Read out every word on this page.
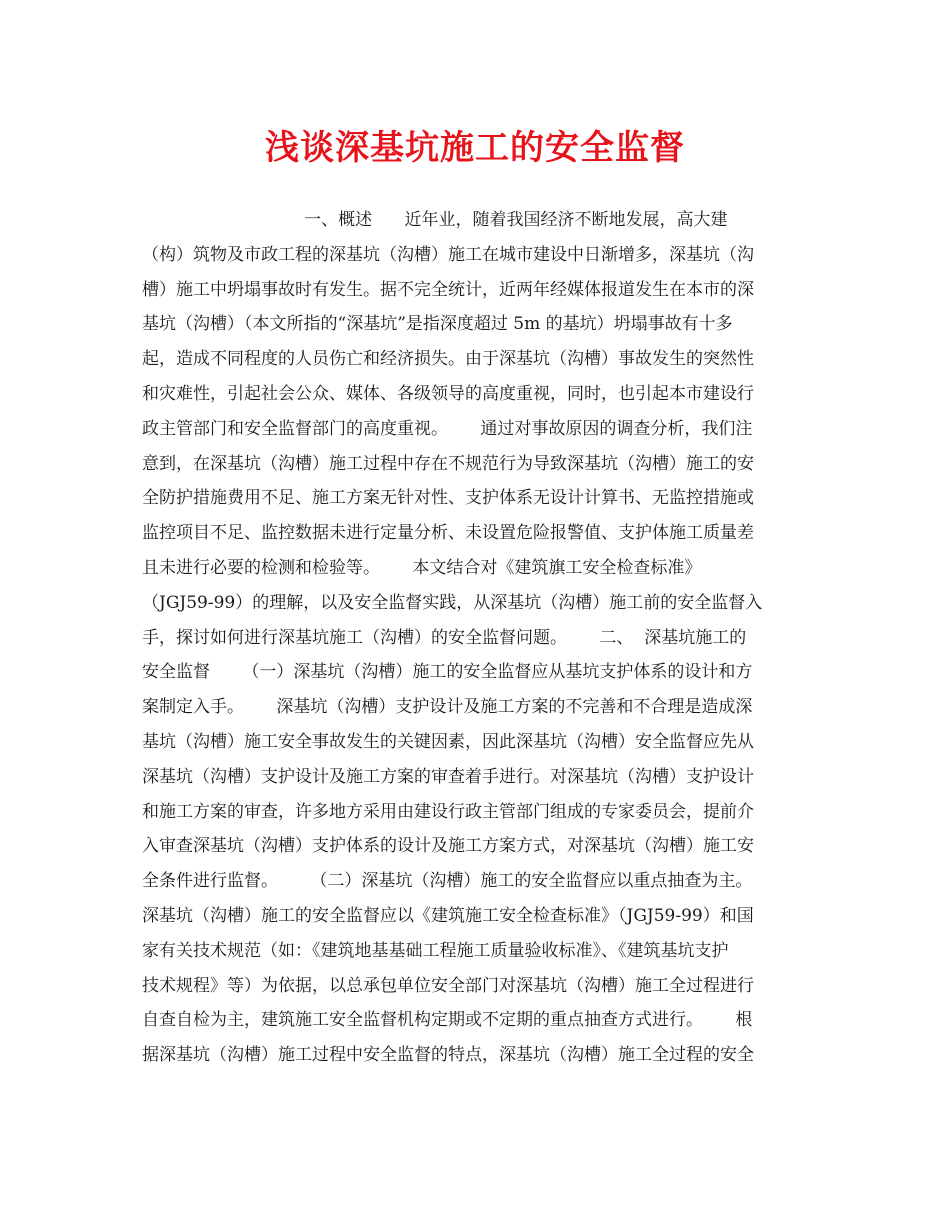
浅谈深基坑施工的安全监督
一、概述      近年业，随着我国经济不断地发展，高大建
（构）筑物及市政工程的深基坑（沟槽）施工在城市建设中日渐增多，深基坑（沟
槽）施工中坍塌事故时有发生。据不完全统计，近两年经媒体报道发生在本市的深
基坑（沟槽）（本文所指的“深基坑”是指深度超过 5m 的基坑）坍塌事故有十多
起，造成不同程度的人员伤亡和经济损失。由于深基坑（沟槽）事故发生的突然性
和灾难性，引起社会公众、媒体、各级领导的高度重视，同时，也引起本市建设行
政主管部门和安全监督部门的高度重视。      通过对事故原因的调查分析，我们注
意到，在深基坑（沟槽）施工过程中存在不规范行为导致深基坑（沟槽）施工的安
全防护措施费用不足、施工方案无针对性、支护体系无设计计算书、无监控措施或
监控项目不足、监控数据未进行定量分析、未设置危险报警值、支护体施工质量差
且未进行必要的检测和检验等。      本文结合对《建筑旗工安全检查标准》
（JGJ59-99）的理解，以及安全监督实践，从深基坑（沟槽）施工前的安全监督入
手，探讨如何进行深基坑施工（沟槽）的安全监督问题。      二、  深基坑施工的
安全监督      （一）深基坑（沟槽）施工的安全监督应从基坑支护体系的设计和方
案制定入手。      深基坑（沟槽）支护设计及施工方案的不完善和不合理是造成深
基坑（沟槽）施工安全事故发生的关键因素，因此深基坑（沟槽）安全监督应先从
深基坑（沟槽）支护设计及施工方案的审查着手进行。对深基坑（沟槽）支护设计
和施工方案的审查，许多地方采用由建设行政主管部门组成的专家委员会，提前介
入审查深基坑（沟槽）支护体系的设计及施工方案方式，对深基坑（沟槽）施工安
全条件进行监督。      （二）深基坑（沟槽）施工的安全监督应以重点抽查为主。
深基坑（沟槽）施工的安全监督应以《建筑施工安全检查标准》（JGJ59-99）和国
家有关技术规范（如：《建筑地基基础工程施工质量验收标准》、《建筑基坑支护
技术规程》等）为依据，以总承包单位安全部门对深基坑（沟槽）施工全过程进行
自查自检为主，建筑施工安全监督机构定期或不定期的重点抽查方式进行。      根
据深基坑（沟槽）施工过程中安全监督的特点，深基坑（沟槽）施工全过程的安全
